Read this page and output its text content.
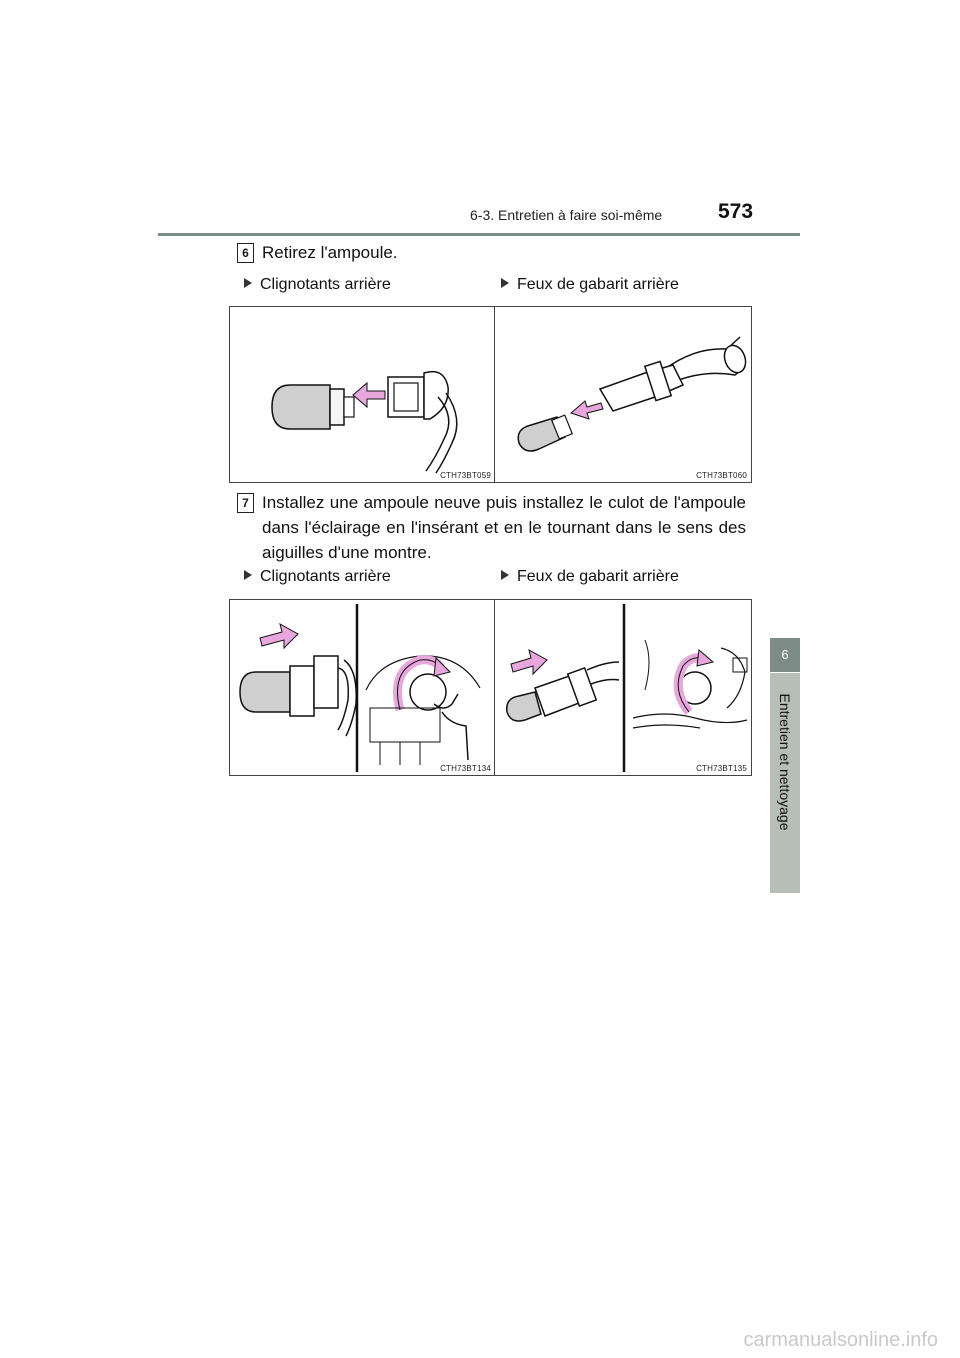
6-3. Entretien à faire soi-même	573
6
Entretien et nettoyage
6 Retirez l'ampoule.
Clignotants arrière	Feux de gabarit arrière
CTH73BT059	CTH73BT060
7 Installez une ampoule neuve puis installez le culot de l'ampoule
dans l'éclairage en l'insérant et en le tournant dans le sens des
aiguilles d'une montre.
Clignotants arrière	Feux de gabarit arrière
CTH73BT134	CTH73BT135
carmanualsonline.info
